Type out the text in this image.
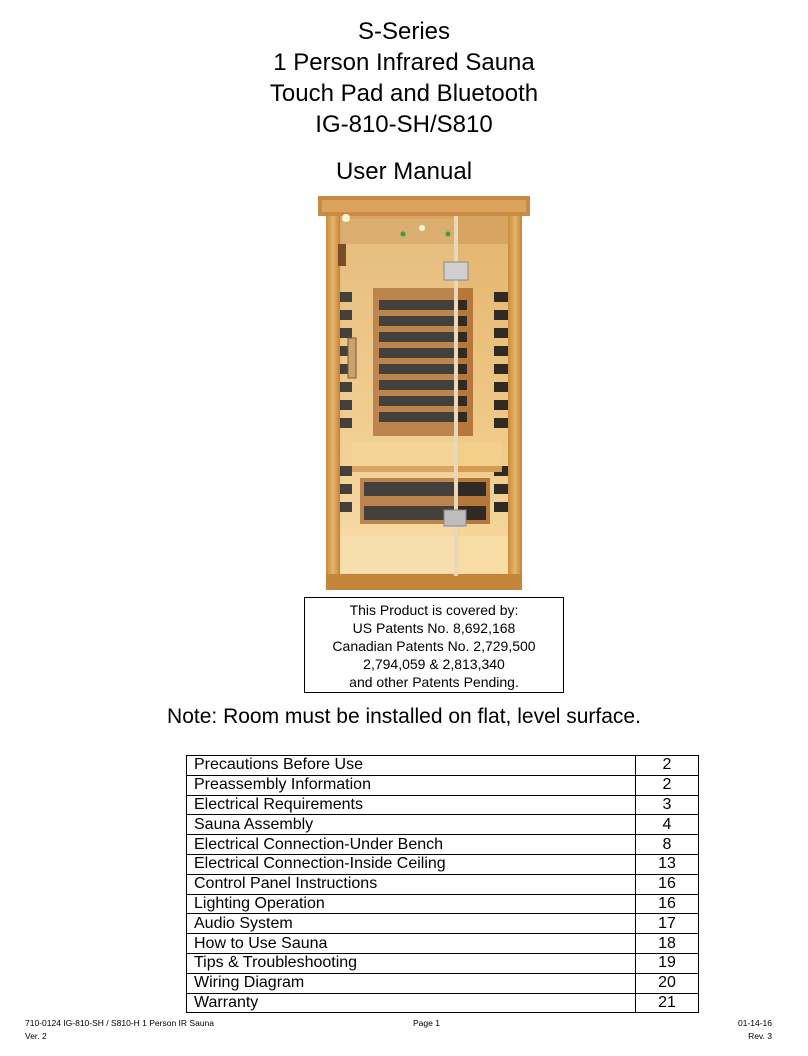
S-Series
1 Person Infrared Sauna
Touch Pad and Bluetooth
IG-810-SH/S810
User Manual
This Product is covered by:
US Patents No. 8,692,168
Canadian Patents No. 2,729,500
2,794,059 & 2,813,340
and other Patents Pending.
Note: Room must be installed on flat, level surface.
Precautions Before Use	2
Preassembly Information	2
Electrical Requirements	3
Sauna Assembly	4
Electrical Connection-Under Bench	8
Electrical Connection-Inside Ceiling	13
Control Panel Instructions	16
Lighting Operation	16
Audio System	17
How to Use Sauna	18
Tips & Troubleshooting	19
Wiring Diagram	20
Warranty	21
710-0124 IG-810-SH / S810-H 1 Person IR Sauna	Page 1	01-14-16
Ver. 2	Rev. 3
